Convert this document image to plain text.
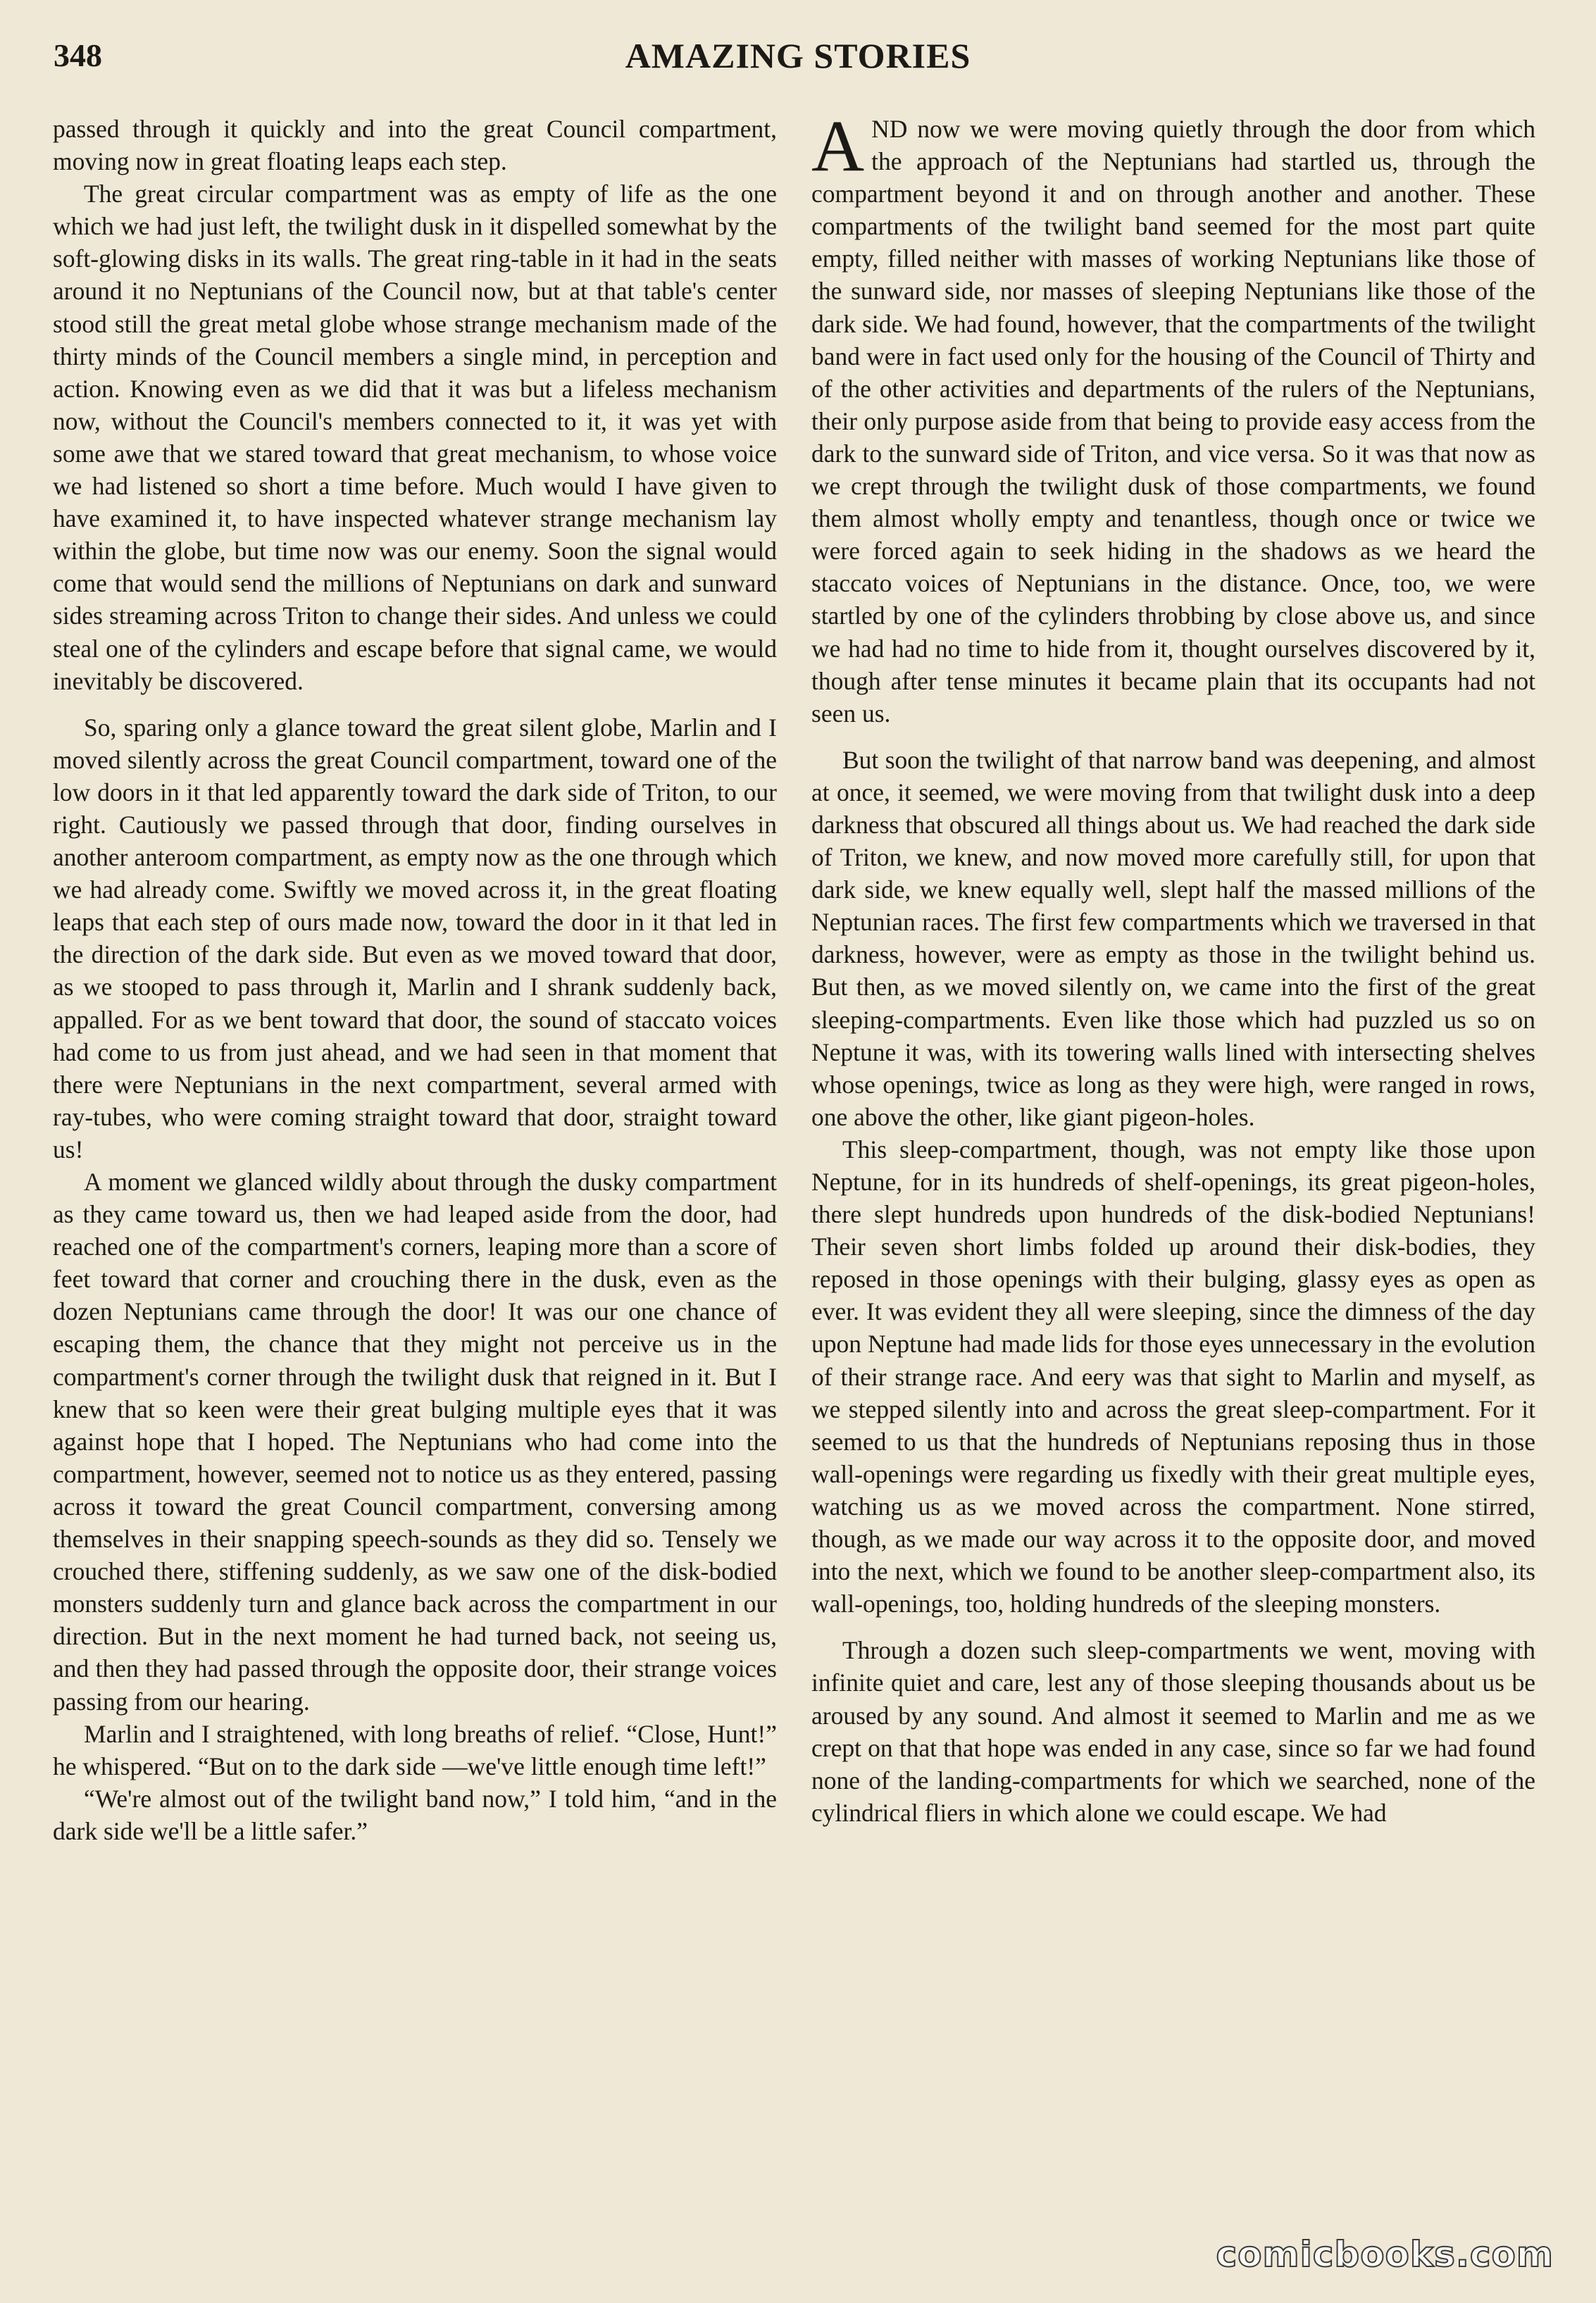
348	AMAZING STORIES

passed through it quickly and into the great Council compartment, moving now in great floating leaps each step.

The great circular compartment was as empty of life as the one which we had just left, the twilight dusk in it dispelled somewhat by the soft-glowing disks in its walls. The great ring-table in it had in the seats around it no Neptunians of the Council now, but at that table's center stood still the great metal globe whose strange mechanism made of the thirty minds of the Council members a single mind, in perception and action. Knowing even as we did that it was but a lifeless mechanism now, without the Council's members connected to it, it was yet with some awe that we stared toward that great mechanism, to whose voice we had listened so short a time before. Much would I have given to have examined it, to have inspected whatever strange mechanism lay within the globe, but time now was our enemy. Soon the signal would come that would send the millions of Neptunians on dark and sunward sides streaming across Triton to change their sides. And unless we could steal one of the cylinders and escape before that signal came, we would inevitably be discovered.

So, sparing only a glance toward the great silent globe, Marlin and I moved silently across the great Council compartment, toward one of the low doors in it that led apparently toward the dark side of Triton, to our right. Cautiously we passed through that door, finding ourselves in another anteroom compartment, as empty now as the one through which we had already come. Swiftly we moved across it, in the great floating leaps that each step of ours made now, toward the door in it that led in the direction of the dark side. But even as we moved toward that door, as we stooped to pass through it, Marlin and I shrank suddenly back, appalled. For as we bent toward that door, the sound of staccato voices had come to us from just ahead, and we had seen in that moment that there were Neptunians in the next compartment, several armed with ray-tubes, who were coming straight toward that door, straight toward us!

A moment we glanced wildly about through the dusky compartment as they came toward us, then we had leaped aside from the door, had reached one of the compartment's corners, leaping more than a score of feet toward that corner and crouching there in the dusk, even as the dozen Neptunians came through the door! It was our one chance of escaping them, the chance that they might not perceive us in the compartment's corner through the twilight dusk that reigned in it. But I knew that so keen were their great bulging multiple eyes that it was against hope that I hoped. The Neptunians who had come into the compartment, however, seemed not to notice us as they entered, passing across it toward the great Council compartment, conversing among themselves in their snapping speech-sounds as they did so. Tensely we crouched there, stiffening suddenly, as we saw one of the disk-bodied monsters suddenly turn and glance back across the compartment in our direction. But in the next moment he had turned back, not seeing us, and then they had passed through the opposite door, their strange voices passing from our hearing.

Marlin and I straightened, with long breaths of relief. “Close, Hunt!” he whispered. “But on to the dark side —we've little enough time left!”

“We're almost out of the twilight band now,” I told him, “and in the dark side we'll be a little safer.”

AND now we were moving quietly through the door from which the approach of the Neptunians had startled us, through the compartment beyond it and on through another and another. These compartments of the twilight band seemed for the most part quite empty, filled neither with masses of working Neptunians like those of the sunward side, nor masses of sleeping Neptunians like those of the dark side. We had found, however, that the compartments of the twilight band were in fact used only for the housing of the Council of Thirty and of the other activities and departments of the rulers of the Neptunians, their only purpose aside from that being to provide easy access from the dark to the sunward side of Triton, and vice versa. So it was that now as we crept through the twilight dusk of those compartments, we found them almost wholly empty and tenantless, though once or twice we were forced again to seek hiding in the shadows as we heard the staccato voices of Neptunians in the distance. Once, too, we were startled by one of the cylinders throbbing by close above us, and since we had had no time to hide from it, thought ourselves discovered by it, though after tense minutes it became plain that its occupants had not seen us.

But soon the twilight of that narrow band was deepening, and almost at once, it seemed, we were moving from that twilight dusk into a deep darkness that obscured all things about us. We had reached the dark side of Triton, we knew, and now moved more carefully still, for upon that dark side, we knew equally well, slept half the massed millions of the Neptunian races. The first few compartments which we traversed in that darkness, however, were as empty as those in the twilight behind us. But then, as we moved silently on, we came into the first of the great sleeping-compartments. Even like those which had puzzled us so on Neptune it was, with its towering walls lined with intersecting shelves whose openings, twice as long as they were high, were ranged in rows, one above the other, like giant pigeon-holes.

This sleep-compartment, though, was not empty like those upon Neptune, for in its hundreds of shelf-openings, its great pigeon-holes, there slept hundreds upon hundreds of the disk-bodied Neptunians! Their seven short limbs folded up around their disk-bodies, they reposed in those openings with their bulging, glassy eyes as open as ever. It was evident they all were sleeping, since the dimness of the day upon Neptune had made lids for those eyes unnecessary in the evolution of their strange race. And eery was that sight to Marlin and myself, as we stepped silently into and across the great sleep-compartment. For it seemed to us that the hundreds of Neptunians reposing thus in those wall-openings were regarding us fixedly with their great multiple eyes, watching us as we moved across the compartment. None stirred, though, as we made our way across it to the opposite door, and moved into the next, which we found to be another sleep-compartment also, its wall-openings, too, holding hundreds of the sleeping monsters.

Through a dozen such sleep-compartments we went, moving with infinite quiet and care, lest any of those sleeping thousands about us be aroused by any sound. And almost it seemed to Marlin and me as we crept on that that hope was ended in any case, since so far we had found none of the landing-compartments for which we searched, none of the cylindrical fliers in which alone we could escape. We had

comicbooks.com
